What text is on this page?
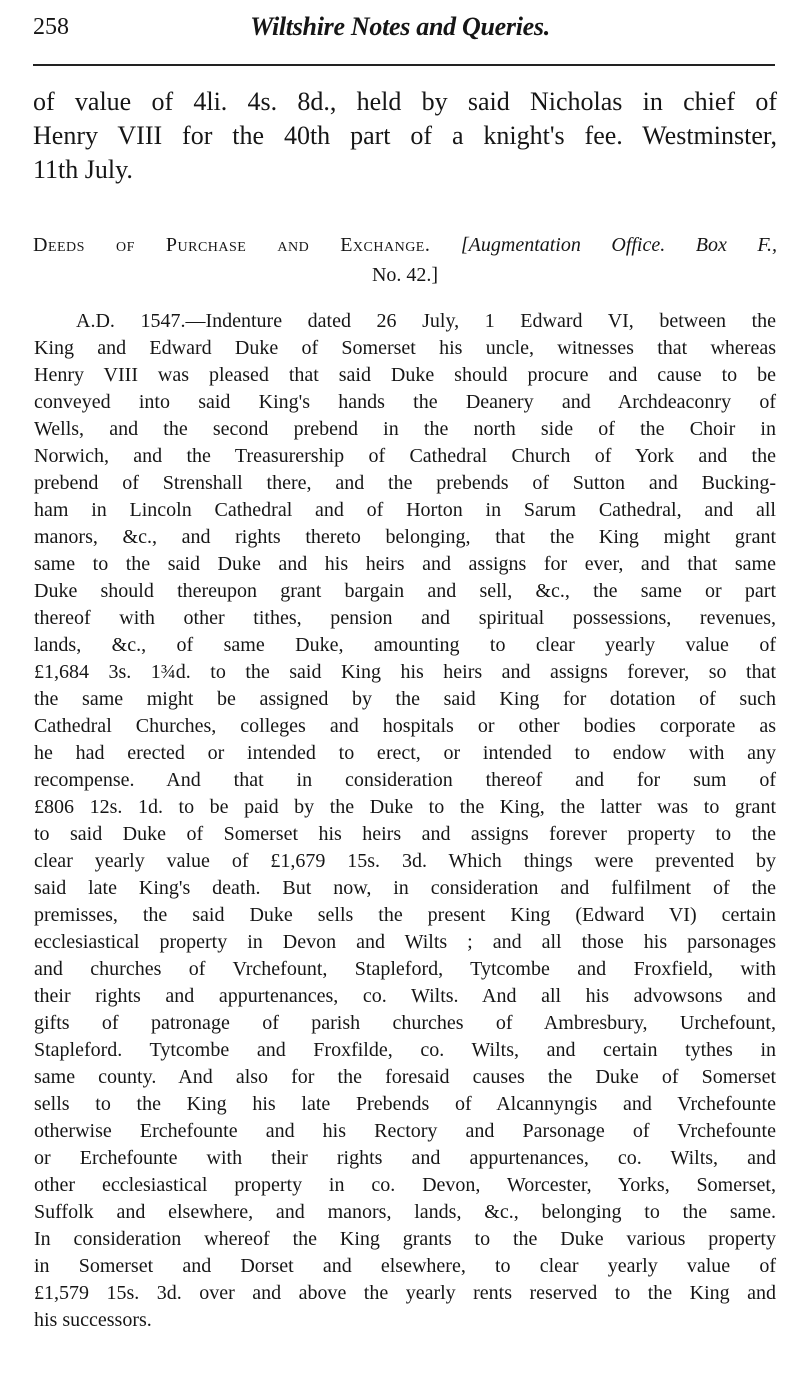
258	Wiltshire Notes and Queries.
of value of 4li. 4s. 8d., held by said Nicholas in chief of
Henry VIII for the 40th part of a knight's fee. Westminster,
11th July.
Deeds of Purchase and Exchange. [Augmentation Office. Box F.,
No. 42.]
A.D. 1547.—Indenture dated 26 July, 1 Edward VI, between the
King and Edward Duke of Somerset his uncle, witnesses that whereas
Henry VIII was pleased that said Duke should procure and cause to be
conveyed into said King's hands the Deanery and Archdeaconry of
Wells, and the second prebend in the north side of the Choir in
Norwich, and the Treasurership of Cathedral Church of York and the
prebend of Strenshall there, and the prebends of Sutton and Bucking-
ham in Lincoln Cathedral and of Horton in Sarum Cathedral, and all
manors, &c., and rights thereto belonging, that the King might grant
same to the said Duke and his heirs and assigns for ever, and that same
Duke should thereupon grant bargain and sell, &c., the same or part
thereof with other tithes, pension and spiritual possessions, revenues,
lands, &c., of same Duke, amounting to clear yearly value of
£1,684 3s. 1¾d. to the said King his heirs and assigns forever, so that
the same might be assigned by the said King for dotation of such
Cathedral Churches, colleges and hospitals or other bodies corporate as
he had erected or intended to erect, or intended to endow with any
recompense. And that in consideration thereof and for sum of
£806 12s. 1d. to be paid by the Duke to the King, the latter was to grant
to said Duke of Somerset his heirs and assigns forever property to the
clear yearly value of £1,679 15s. 3d. Which things were prevented by
said late King's death. But now, in consideration and fulfilment of the
premisses, the said Duke sells the present King (Edward VI) certain
ecclesiastical property in Devon and Wilts ; and all those his parsonages
and churches of Vrchefount, Stapleford, Tytcombe and Froxfield, with
their rights and appurtenances, co. Wilts. And all his advowsons and
gifts of patronage of parish churches of Ambresbury, Urchefount,
Stapleford. Tytcombe and Froxfilde, co. Wilts, and certain tythes in
same county. And also for the foresaid causes the Duke of Somerset
sells to the King his late Prebends of Alcannyngis and Vrchefounte
otherwise Erchefounte and his Rectory and Parsonage of Vrchefounte
or Erchefounte with their rights and appurtenances, co. Wilts, and
other ecclesiastical property in co. Devon, Worcester, Yorks, Somerset,
Suffolk and elsewhere, and manors, lands, &c., belonging to the same.
In consideration whereof the King grants to the Duke various property
in Somerset and Dorset and elsewhere, to clear yearly value of
£1,579 15s. 3d. over and above the yearly rents reserved to the King and
his successors.
